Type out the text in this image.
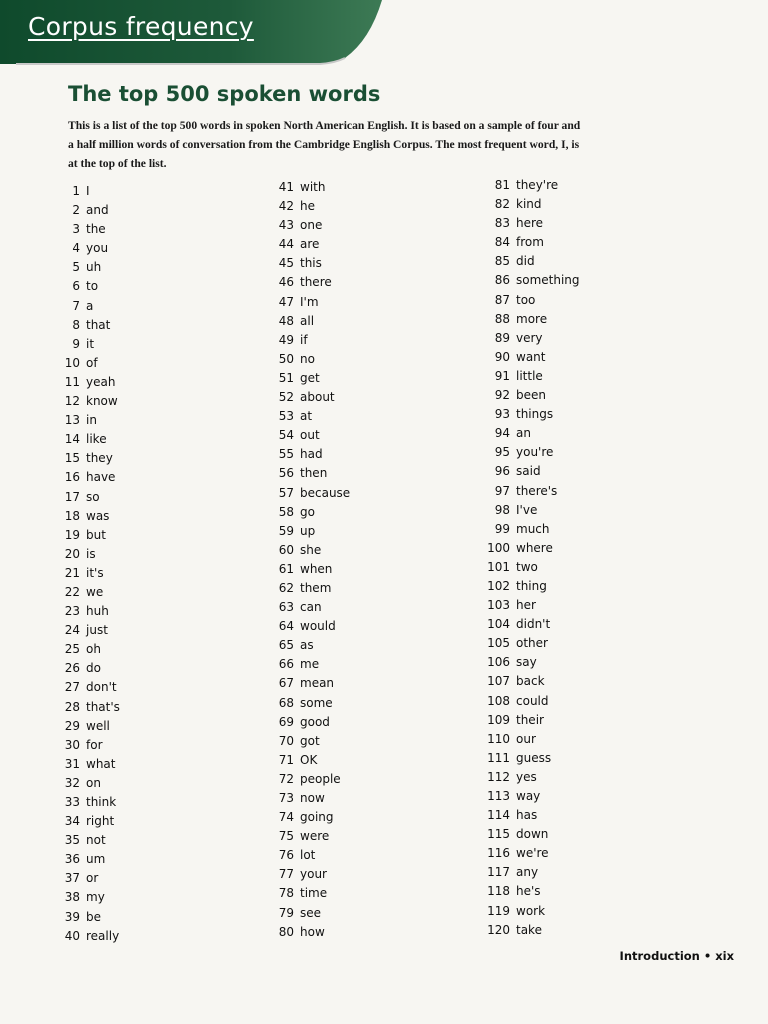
Corpus frequency
The top 500 spoken words

This is a list of the top 500 words in spoken North American English. It is based on a sample of four and a half million words of conversation from the Cambridge English Corpus. The most frequent word, I, is at the top of the list.

1 I
2 and
3 the
4 you
5 uh
6 to
7 a
8 that
9 it
10 of
11 yeah
12 know
13 in
14 like
15 they
16 have
17 so
18 was
19 but
20 is
21 it's
22 we
23 huh
24 just
25 oh
26 do
27 don't
28 that's
29 well
30 for
31 what
32 on
33 think
34 right
35 not
36 um
37 or
38 my
39 be
40 really
41 with
42 he
43 one
44 are
45 this
46 there
47 I'm
48 all
49 if
50 no
51 get
52 about
53 at
54 out
55 had
56 then
57 because
58 go
59 up
60 she
61 when
62 them
63 can
64 would
65 as
66 me
67 mean
68 some
69 good
70 got
71 OK
72 people
73 now
74 going
75 were
76 lot
77 your
78 time
79 see
80 how
81 they're
82 kind
83 here
84 from
85 did
86 something
87 too
88 more
89 very
90 want
91 little
92 been
93 things
94 an
95 you're
96 said
97 there's
98 I've
99 much
100 where
101 two
102 thing
103 her
104 didn't
105 other
106 say
107 back
108 could
109 their
110 our
111 guess
112 yes
113 way
114 has
115 down
116 we're
117 any
118 he's
119 work
120 take
Introduction • xix
